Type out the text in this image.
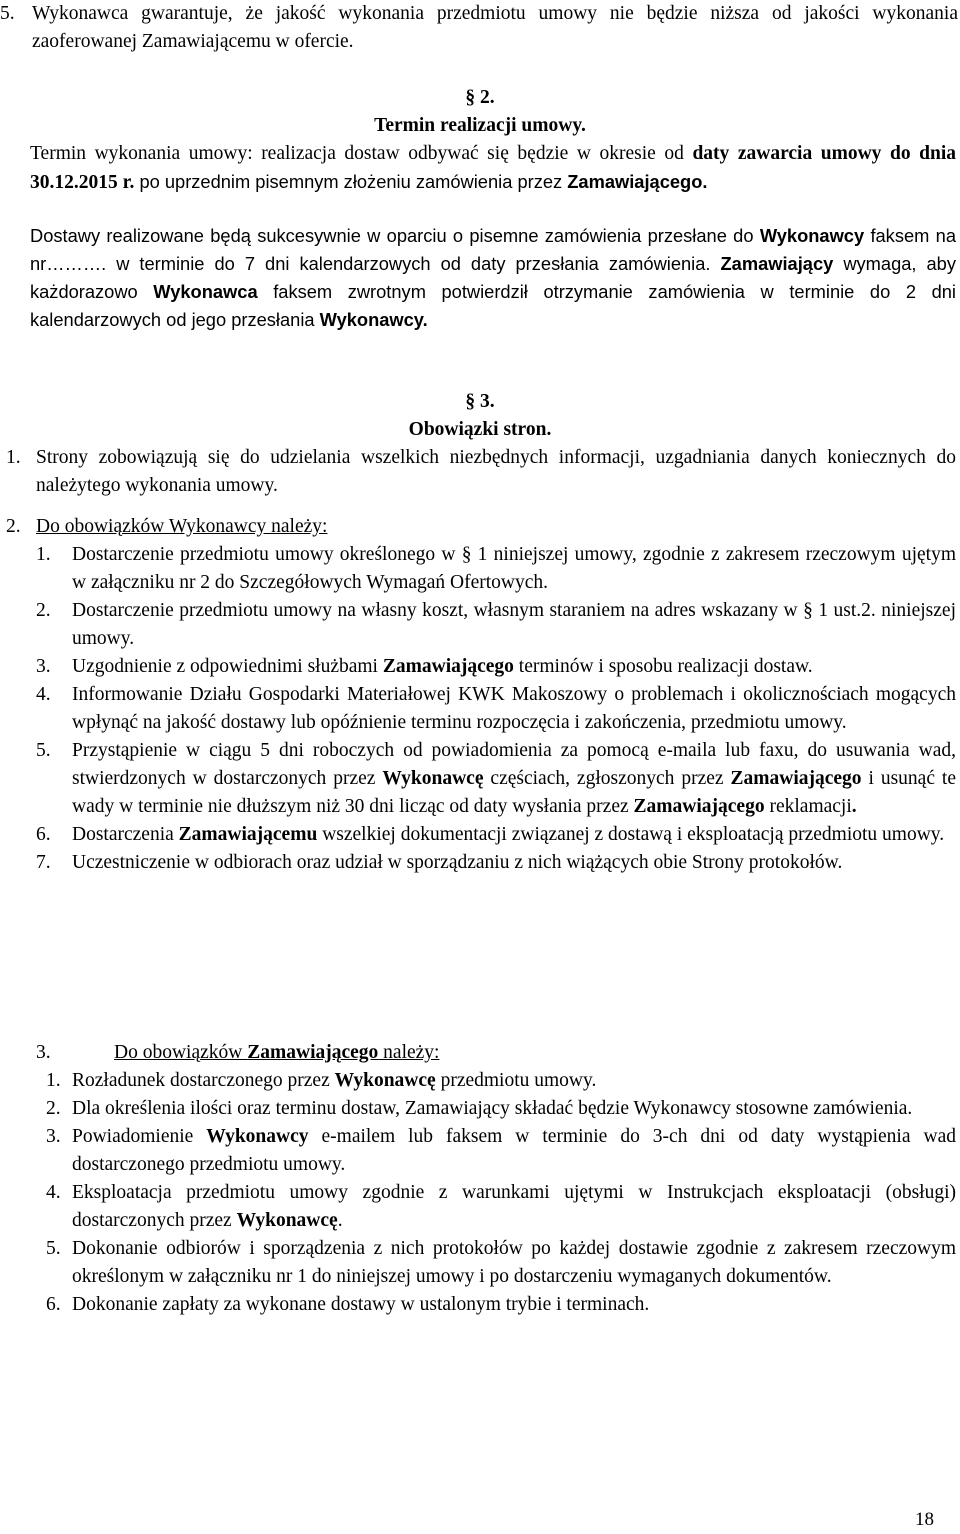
5. Wykonawca gwarantuje, że jakość wykonania przedmiotu umowy nie będzie niższa od jakości wykonania zaoferowanej Zamawiającemu w ofercie.
§ 2.
Termin realizacji umowy.
Termin wykonania umowy: realizacja dostaw odbywać się będzie w okresie od daty zawarcia umowy do dnia 30.12.2015 r. po uprzednim pisemnym złożeniu zamówienia przez Zamawiającego.
Dostawy realizowane będą sukcesywnie w oparciu o pisemne zamówienia przesłane do Wykonawcy faksem na nr………. w terminie do 7 dni kalendarzowych od daty przesłania zamówienia. Zamawiający wymaga, aby każdorazowo Wykonawca faksem zwrotnym potwierdził otrzymanie zamówienia w terminie do 2 dni kalendarzowych od jego przesłania Wykonawcy.
§ 3.
Obowiązki stron.
1. Strony zobowiązują się do udzielania wszelkich niezbędnych informacji, uzgadniania danych koniecznych do należytego wykonania umowy.
2. Do obowiązków Wykonawcy należy:
1. Dostarczenie przedmiotu umowy określonego w § 1 niniejszej umowy, zgodnie z zakresem rzeczowym ujętym w załączniku nr 2 do Szczegółowych Wymagań Ofertowych.
2. Dostarczenie przedmiotu umowy na własny koszt, własnym staraniem na adres wskazany w § 1 ust.2. niniejszej umowy.
3. Uzgodnienie z odpowiednimi służbami Zamawiającego terminów i sposobu realizacji dostaw.
4. Informowanie Działu Gospodarki Materiałowej KWK Makoszowy o problemach i okolicznościach mogących wpłynąć na jakość dostawy lub opóźnienie terminu rozpoczęcia i zakończenia, przedmiotu umowy.
5. Przystąpienie w ciągu 5 dni roboczych od powiadomienia za pomocą e-maila lub faxu, do usuwania wad, stwierdzonych w dostarczonych przez Wykonawcę częściach, zgłoszonych przez Zamawiającego i usunąć te wady w terminie nie dłuższym niż 30 dni licząc od daty wysłania przez Zamawiającego reklamacji.
6. Dostarczenia Zamawiającemu wszelkiej dokumentacji związanej z dostawą i eksploatacją przedmiotu umowy.
7. Uczestniczenie w odbiorach oraz udział w sporządzaniu z nich wiążących obie Strony protokołów.
3.	Do obowiązków Zamawiającego należy:
1. Rozładunek dostarczonego przez Wykonawcę przedmiotu umowy.
2. Dla określenia ilości oraz terminu dostaw, Zamawiający składać będzie Wykonawcy stosowne zamówienia.
3. Powiadomienie Wykonawcy e-mailem lub faksem w terminie do 3-ch dni od daty wystąpienia wad dostarczonego przedmiotu umowy.
4. Eksploatacja przedmiotu umowy zgodnie z warunkami ujętymi w Instrukcjach eksploatacji (obsługi) dostarczonych przez Wykonawcę.
5. Dokonanie odbiorów i sporządzenia z nich protokołów po każdej dostawie zgodnie z zakresem rzeczowym określonym w załączniku nr 1 do niniejszej umowy i po dostarczeniu wymaganych dokumentów.
6. Dokonanie zapłaty za wykonane dostawy w ustalonym trybie i terminach.
18
